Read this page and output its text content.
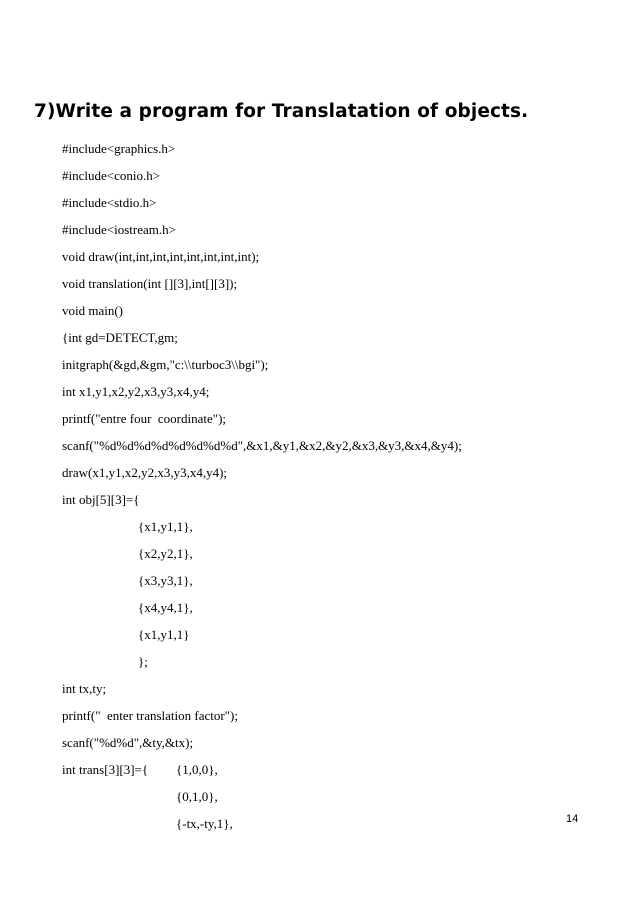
7)Write a program for Translatation of objects.
#include<graphics.h>
#include<conio.h>
#include<stdio.h>
#include<iostream.h>
void draw(int,int,int,int,int,int,int,int);
void translation(int [][3],int[][3]);
void main()
{int gd=DETECT,gm;
initgraph(&gd,&gm,"c:\\turboc3\\bgi");
int x1,y1,x2,y2,x3,y3,x4,y4;
printf("entre four  coordinate");
scanf("%d%d%d%d%d%d%d%d",&x1,&y1,&x2,&y2,&x3,&y3,&x4,&y4);
draw(x1,y1,x2,y2,x3,y3,x4,y4);
int obj[5][3]={
{x1,y1,1},
{x2,y2,1},
{x3,y3,1},
{x4,y4,1},
{x1,y1,1}
};
int tx,ty;
printf("  enter translation factor");
scanf("%d%d",&ty,&tx);
int trans[3][3]={ {1,0,0},
{0,1,0},
{-tx,-ty,1},	14
